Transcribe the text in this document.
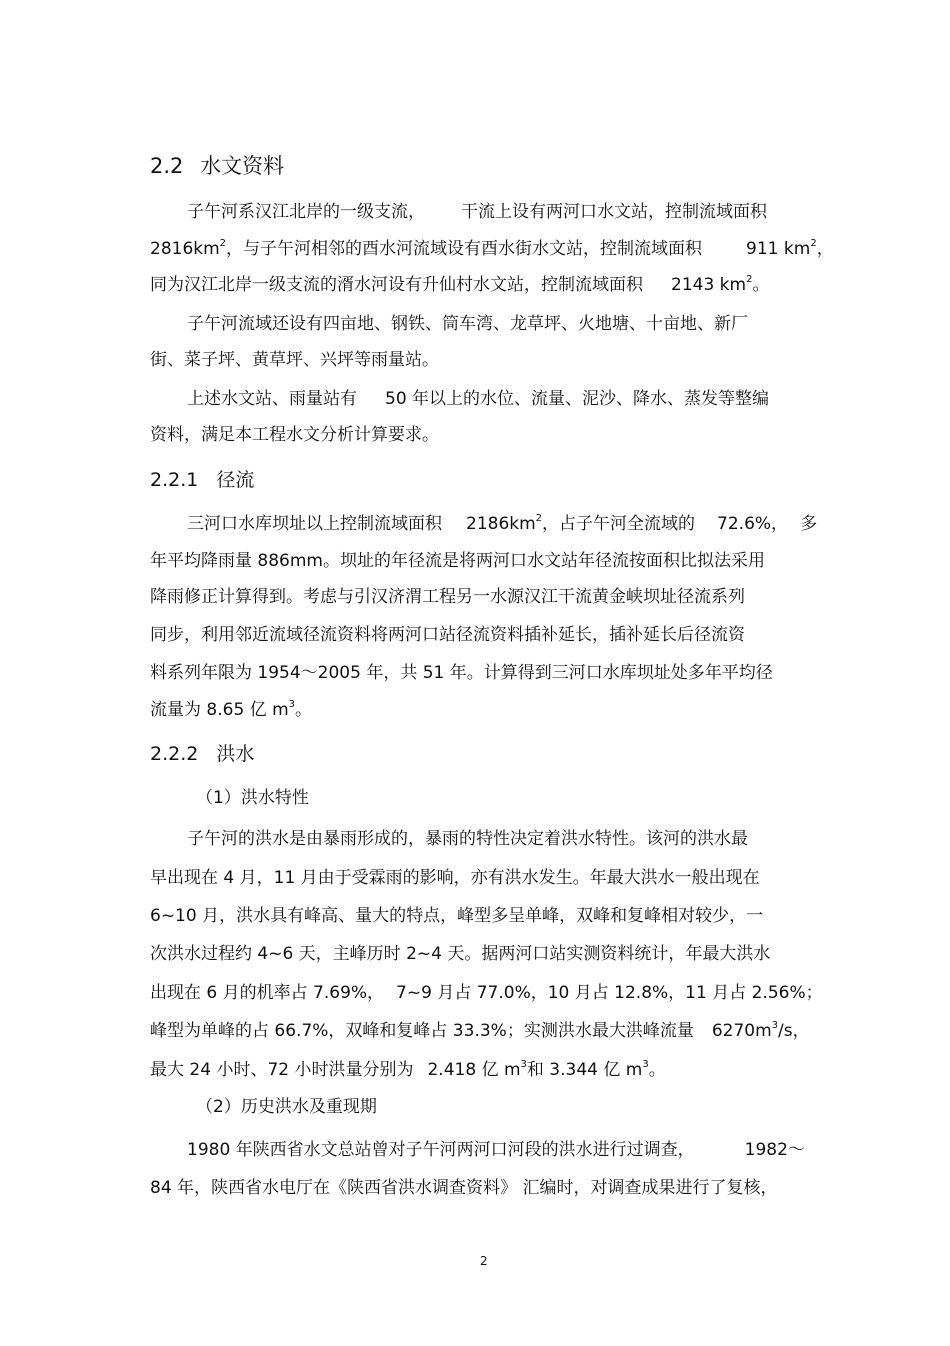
2.2 水文资料
子午河系汉江北岸的一级支流， 干流上设有两河口水文站，控制流域面积
$2816km^2$，与子午河相邻的酉水河流域设有酉水街水文站，控制流域面积	911 $km^2$，
同为汉江北岸一级支流的湑水河设有升仙村水文站，控制流域面积 2143 $km^2$。
子午河流域还设有四亩地、钢铁、筒车湾、龙草坪、火地塘、十亩地、新厂
街、菜子坪、黄草坪、兴坪等雨量站。
上述水文站、雨量站有 50 年以上的水位、流量、泥沙、降水、蒸发等整编
资料，满足本工程水文分析计算要求。
2.2.1 径流
三河口水库坝址以上控制流域面积 $2186km^2$，占子午河全流域的 72.6%， 多
年平均降雨量 886mm。坝址的年径流是将两河口水文站年径流按面积比拟法采用
降雨修正计算得到。考虑与引汉济渭工程另一水源汉江干流黄金峡坝址径流系列
同步，利用邻近流域径流资料将两河口站径流资料插补延长，插补延长后径流资
料系列年限为 1954～2005 年，共 51 年。计算得到三河口水库坝址处多年平均径
流量为 8.65 亿 $m^3$。
2.2.2 洪水
（1）洪水特性
子午河的洪水是由暴雨形成的，暴雨的特性决定着洪水特性。该河的洪水最
早出现在 4 月，11 月由于受霖雨的影响，亦有洪水发生。年最大洪水一般出现在
6~10 月，洪水具有峰高、量大的特点，峰型多呈单峰，双峰和复峰相对较少，一
次洪水过程约 4~6 天，主峰历时 2~4 天。据两河口站实测资料统计，年最大洪水
出现在 6 月的机率占 7.69%， 7~9 月占 77.0%，10 月占 12.8%，11 月占 2.56%；
峰型为单峰的占 66.7%，双峰和复峰占 33.3%；实测洪水最大洪峰流量 $6270m^3/s$，
最大 24 小时、72 小时洪量分别为 2.418 亿 $m^3$和 3.344 亿 $m^3$。
（2）历史洪水及重现期
1980 年陕西省水文总站曾对子午河两河口河段的洪水进行过调查，	1982～
84 年，陕西省水电厅在《陕西省洪水调查资料》 汇编时，对调查成果进行了复核，
2
